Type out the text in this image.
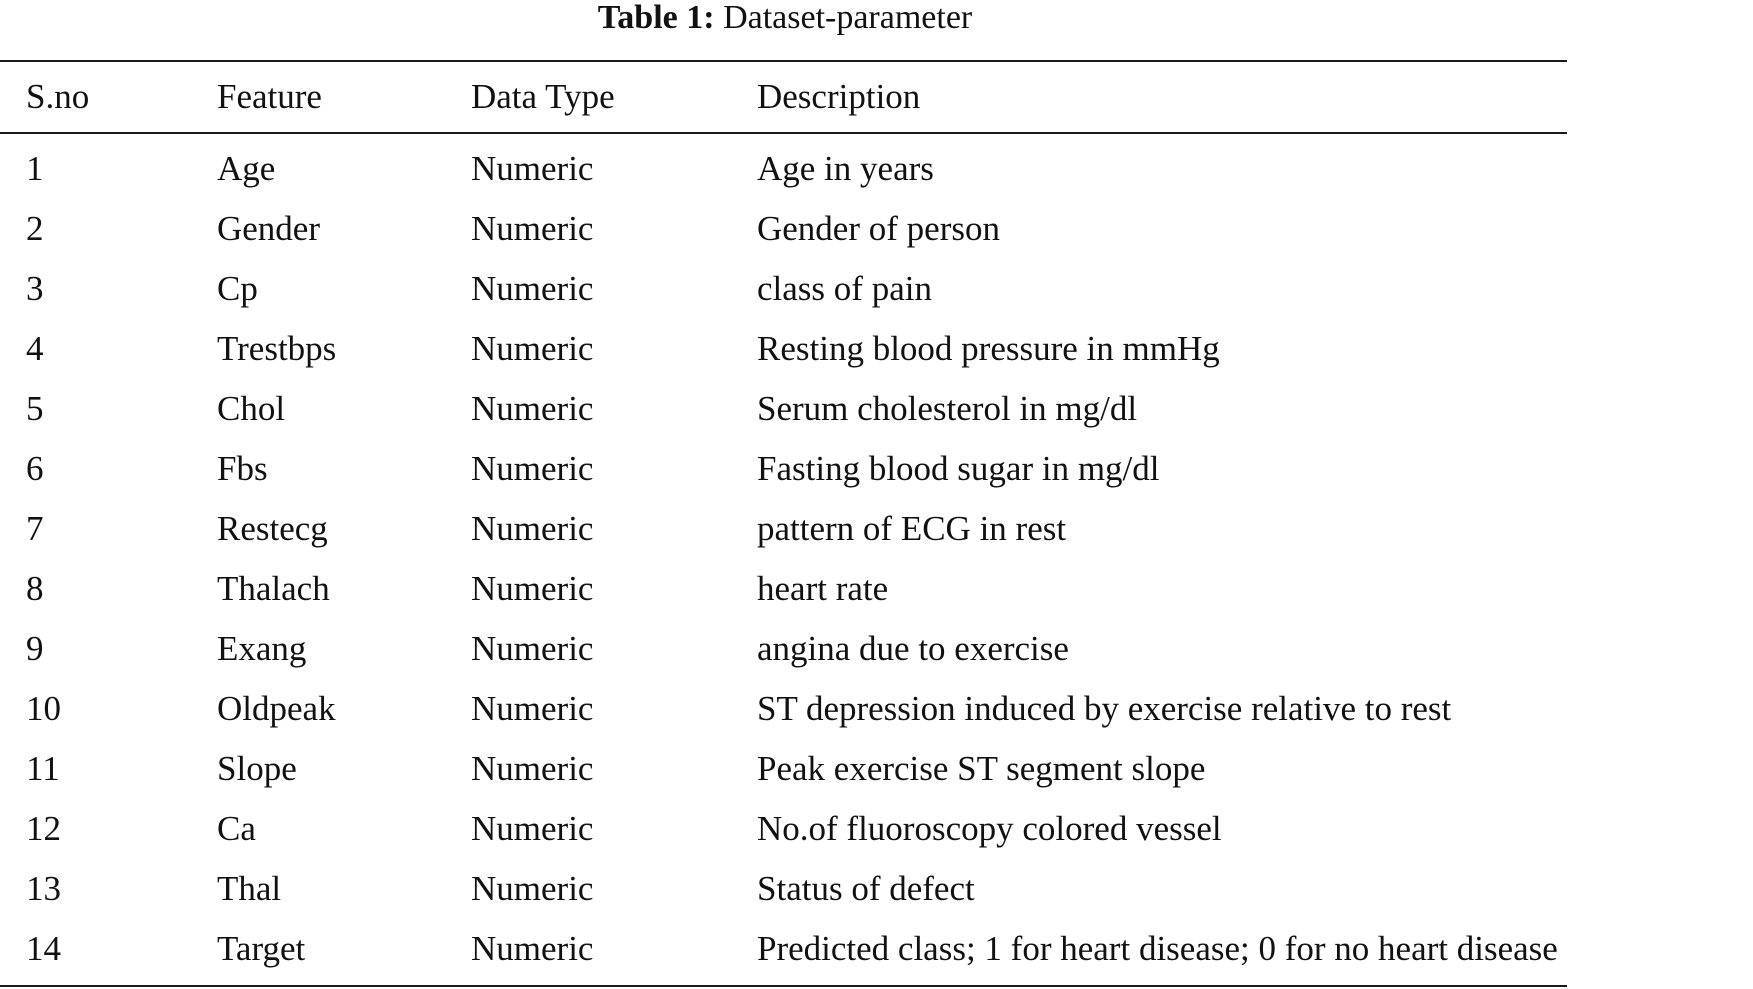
Table 1: Dataset-parameter
S.no	Feature	Data Type	Description
1	Age	Numeric	Age in years
2	Gender	Numeric	Gender of person
3	Cp	Numeric	class of pain
4	Trestbps	Numeric	Resting blood pressure in mmHg
5	Chol	Numeric	Serum cholesterol in mg/dl
6	Fbs	Numeric	Fasting blood sugar in mg/dl
7	Restecg	Numeric	pattern of ECG in rest
8	Thalach	Numeric	heart rate
9	Exang	Numeric	angina due to exercise
10	Oldpeak	Numeric	ST depression induced by exercise relative to rest
11	Slope	Numeric	Peak exercise ST segment slope
12	Ca	Numeric	No.of fluoroscopy colored vessel
13	Thal	Numeric	Status of defect
14	Target	Numeric	Predicted class; 1 for heart disease; 0 for no heart disease
